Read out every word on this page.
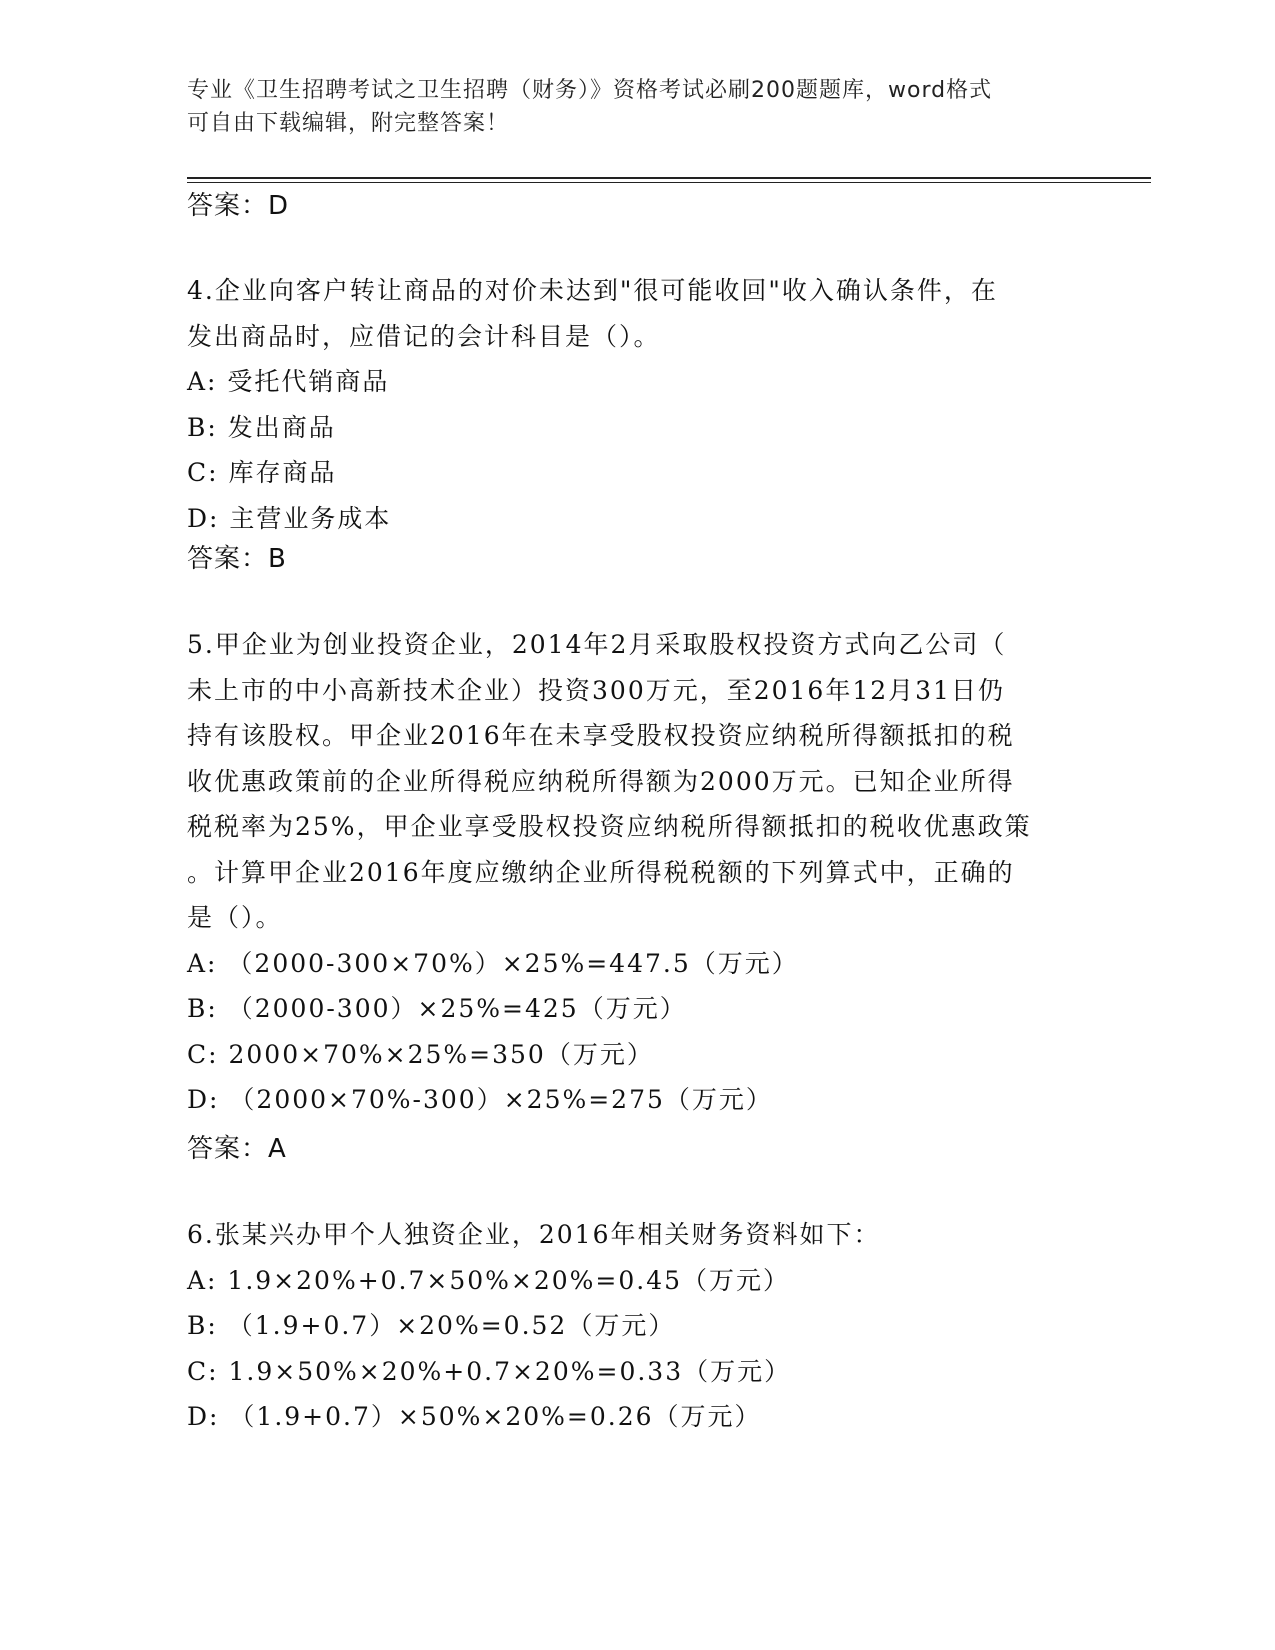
专业《卫生招聘考试之卫生招聘（财务）》资格考试必刷200题题库，word格式
可自由下载编辑，附完整答案！
答案：D
4.企业向客户转让商品的对价未达到"很可能收回"收入确认条件，在
发出商品时，应借记的会计科目是（）。
A: 受托代销商品
B: 发出商品
C: 库存商品
D: 主营业务成本
答案：B
5.甲企业为创业投资企业，2014年2月采取股权投资方式向乙公司（
未上市的中小高新技术企业）投资300万元，至2016年12月31日仍
持有该股权。甲企业2016年在未享受股权投资应纳税所得额抵扣的税
收优惠政策前的企业所得税应纳税所得额为2000万元。已知企业所得
税税率为25%，甲企业享受股权投资应纳税所得额抵扣的税收优惠政策
。计算甲企业2016年度应缴纳企业所得税税额的下列算式中，正确的
是（）。
A: （2000-300×70%）×25%=447.5（万元）
B: （2000-300）×25%=425（万元）
C: 2000×70%×25%=350（万元）
D: （2000×70%-300）×25%=275（万元）
答案：A
6.张某兴办甲个人独资企业，2016年相关财务资料如下：
A: 1.9×20%+0.7×50%×20%=0.45（万元）
B: （1.9+0.7）×20%=0.52（万元）
C: 1.9×50%×20%+0.7×20%=0.33（万元）
D: （1.9+0.7）×50%×20%=0.26（万元）
